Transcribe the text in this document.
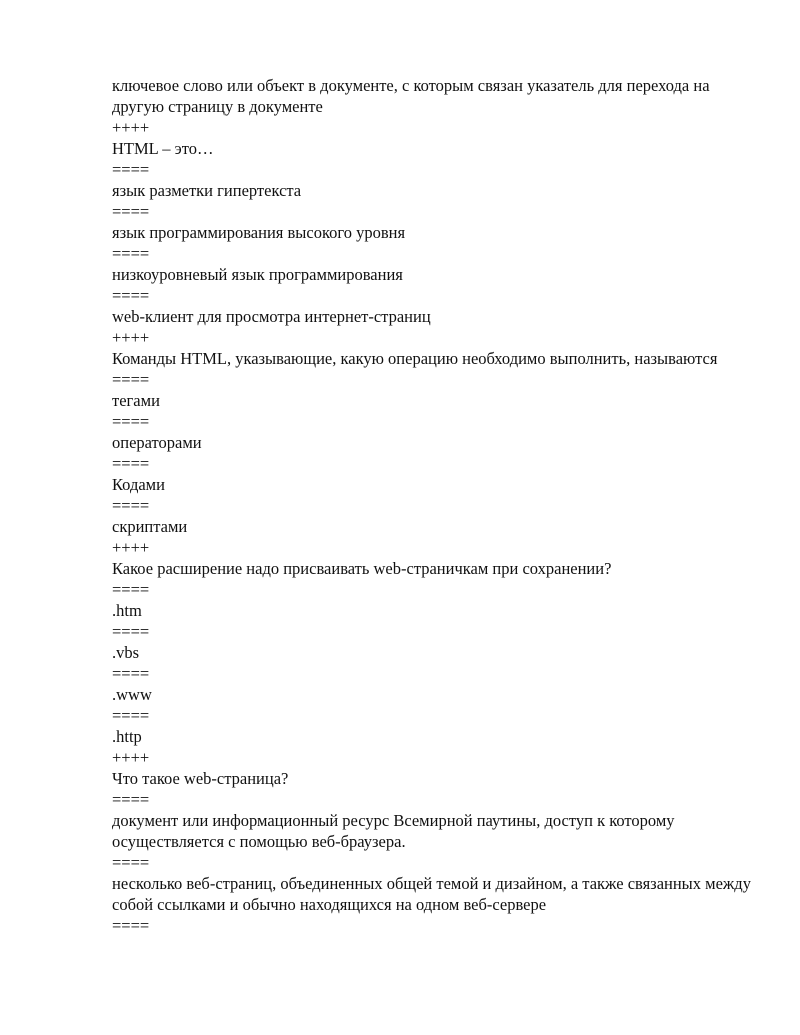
ключевое слово или объект в документе, с которым связан указатель для перехода на другую страницу в документе

++++

HTML – это…

====

язык разметки гипертекста

====

язык программирования высокого уровня

====

низкоуровневый язык программирования

====

web-клиент для просмотра интернет-страниц

++++

Команды HTML, указывающие, какую операцию необходимо выполнить, называются

====

тегами

====

операторами

====

Кодами

====

скриптами

++++

Какое расширение надо присваивать web-страничкам при сохранении?

====

.htm

====

.vbs

====

.www

====

.http

++++

Что такое web-страница?

====

документ или информационный ресурс Всемирной паутины, доступ к которому осуществляется с помощью веб-браузера.

====

несколько веб-страниц, объединенных общей темой и дизайном, а также связанных между собой ссылками и обычно находящихся на одном веб-сервере

====
